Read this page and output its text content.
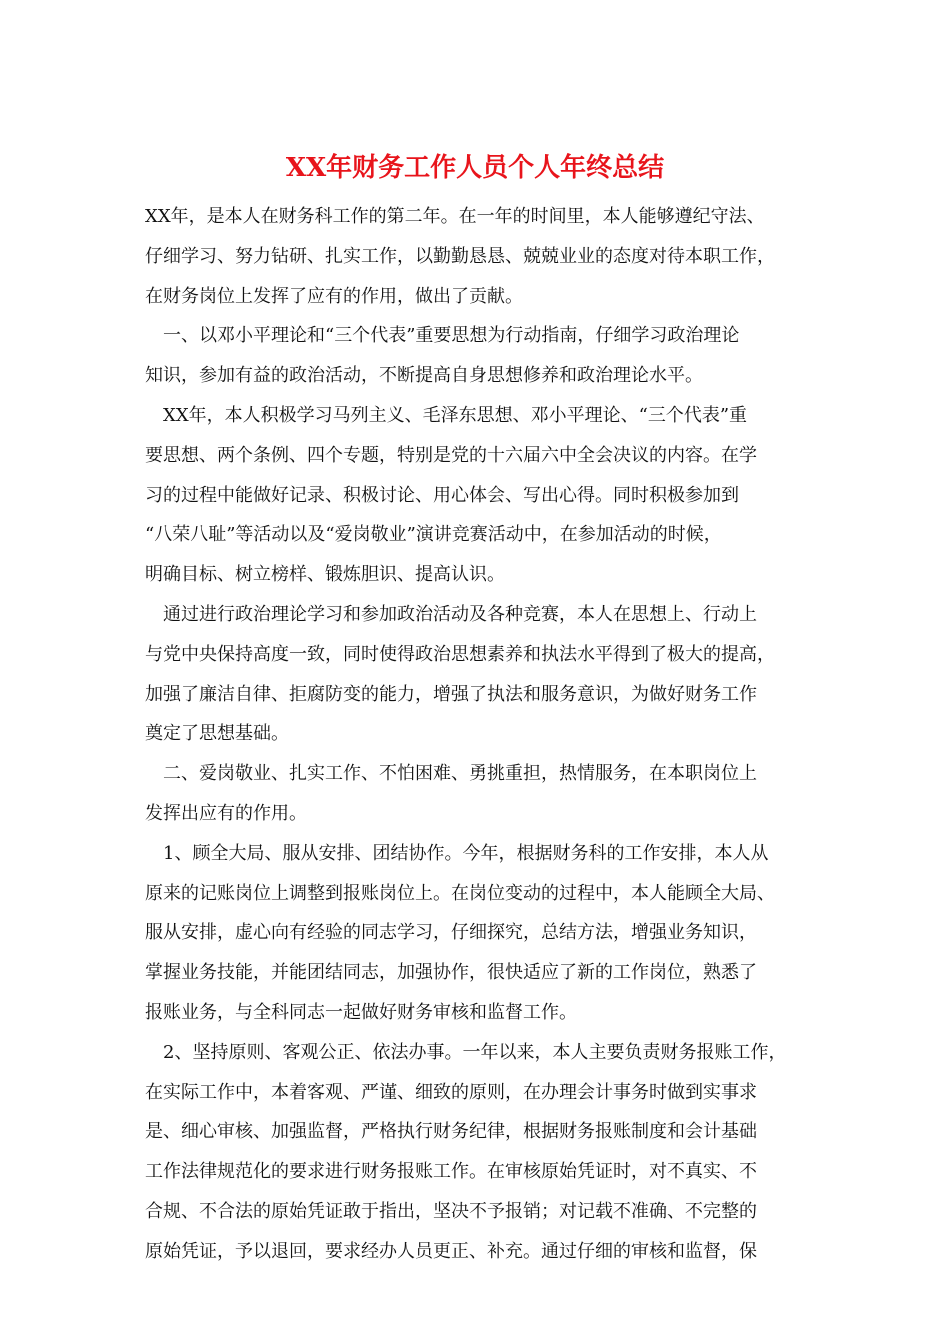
XX年财务工作人员个人年终总结
XX年，是本人在财务科工作的第二年。在一年的时间里，本人能够遵纪守法、
仔细学习、努力钻研、扎实工作，以勤勤恳恳、兢兢业业的态度对待本职工作，
在财务岗位上发挥了应有的作用，做出了贡献。
一、以邓小平理论和“三个代表”重要思想为行动指南，仔细学习政治理论
知识，参加有益的政治活动，不断提高自身思想修养和政治理论水平。
XX年，本人积极学习马列主义、毛泽东思想、邓小平理论、“三个代表”重
要思想、两个条例、四个专题，特别是党的十六届六中全会决议的内容。在学
习的过程中能做好记录、积极讨论、用心体会、写出心得。同时积极参加到
“八荣八耻”等活动以及“爱岗敬业”演讲竞赛活动中，在参加活动的时候，
明确目标、树立榜样、锻炼胆识、提高认识。
通过进行政治理论学习和参加政治活动及各种竞赛，本人在思想上、行动上
与党中央保持高度一致，同时使得政治思想素养和执法水平得到了极大的提高，
加强了廉洁自律、拒腐防变的能力，增强了执法和服务意识，为做好财务工作
奠定了思想基础。
二、爱岗敬业、扎实工作、不怕困难、勇挑重担，热情服务，在本职岗位上
发挥出应有的作用。
1、顾全大局、服从安排、团结协作。今年，根据财务科的工作安排，本人从
原来的记账岗位上调整到报账岗位上。在岗位变动的过程中，本人能顾全大局、
服从安排，虚心向有经验的同志学习，仔细探究，总结方法，增强业务知识，
掌握业务技能，并能团结同志，加强协作，很快适应了新的工作岗位，熟悉了
报账业务，与全科同志一起做好财务审核和监督工作。
2、坚持原则、客观公正、依法办事。一年以来，本人主要负责财务报账工作，
在实际工作中，本着客观、严谨、细致的原则，在办理会计事务时做到实事求
是、细心审核、加强监督，严格执行财务纪律，根据财务报账制度和会计基础
工作法律规范化的要求进行财务报账工作。在审核原始凭证时，对不真实、不
合规、不合法的原始凭证敢于指出，坚决不予报销；对记载不准确、不完整的
原始凭证，予以退回，要求经办人员更正、补充。通过仔细的审核和监督，保
